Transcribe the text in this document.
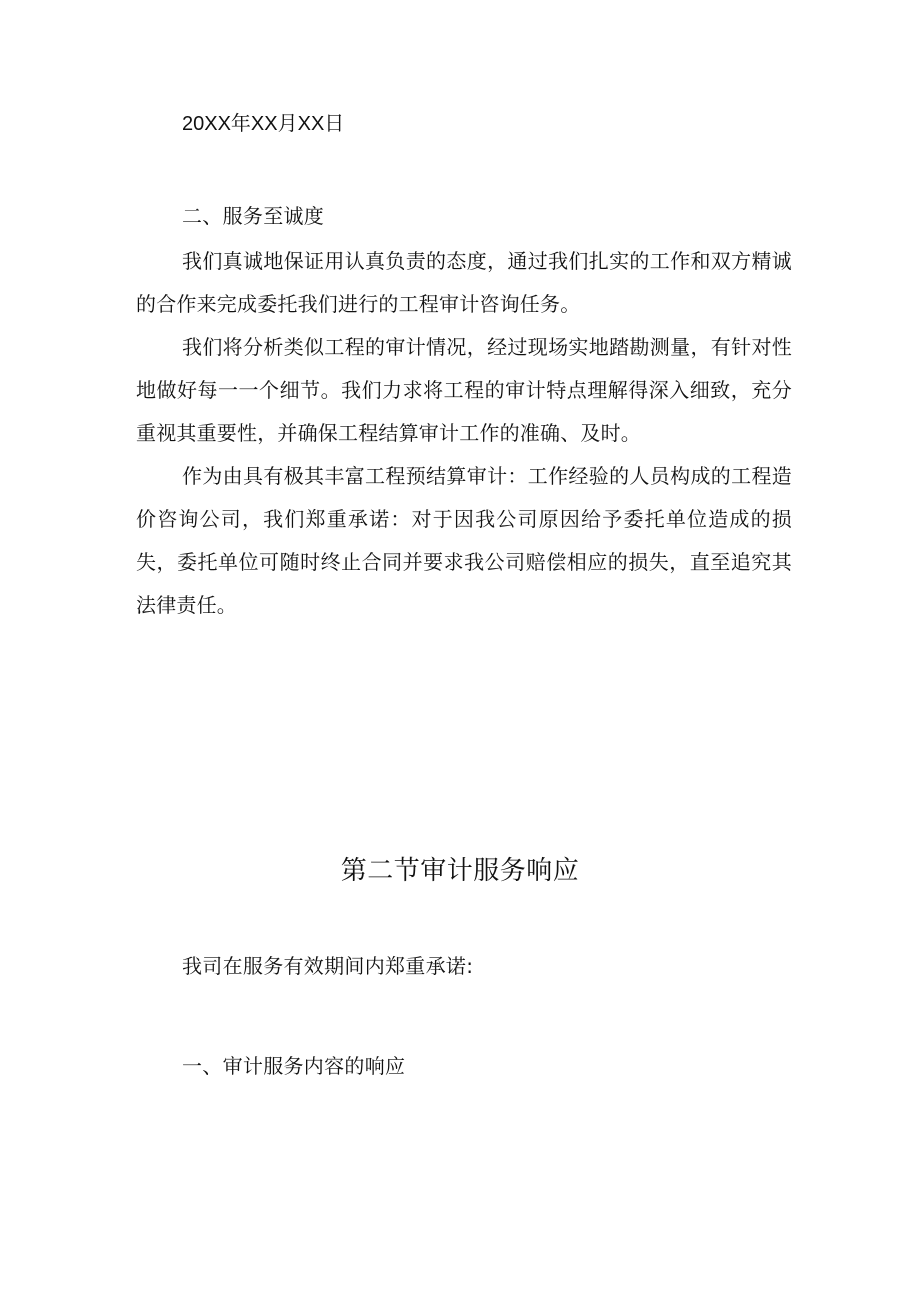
20XX年XX月XX日
二、服务至诚度

我们真诚地保证用认真负责的态度，通过我们扎实的工作和双方精诚的合作来完成委托我们进行的工程审计咨询任务。

我们将分析类似工程的审计情况，经过现场实地踏勘测量，有针对性地做好每一一个细节。我们力求将工程的审计特点理解得深入细致，充分重视其重要性，并确保工程结算审计工作的准确、及时。

作为由具有极其丰富工程预结算审计：工作经验的人员构成的工程造价咨询公司，我们郑重承诺：对于因我公司原因给予委托单位造成的损失，委托单位可随时终止合同并要求我公司赔偿相应的损失，直至追究其法律责任。

第二节审计服务响应
我司在服务有效期间内郑重承诺:
一、审计服务内容的响应
